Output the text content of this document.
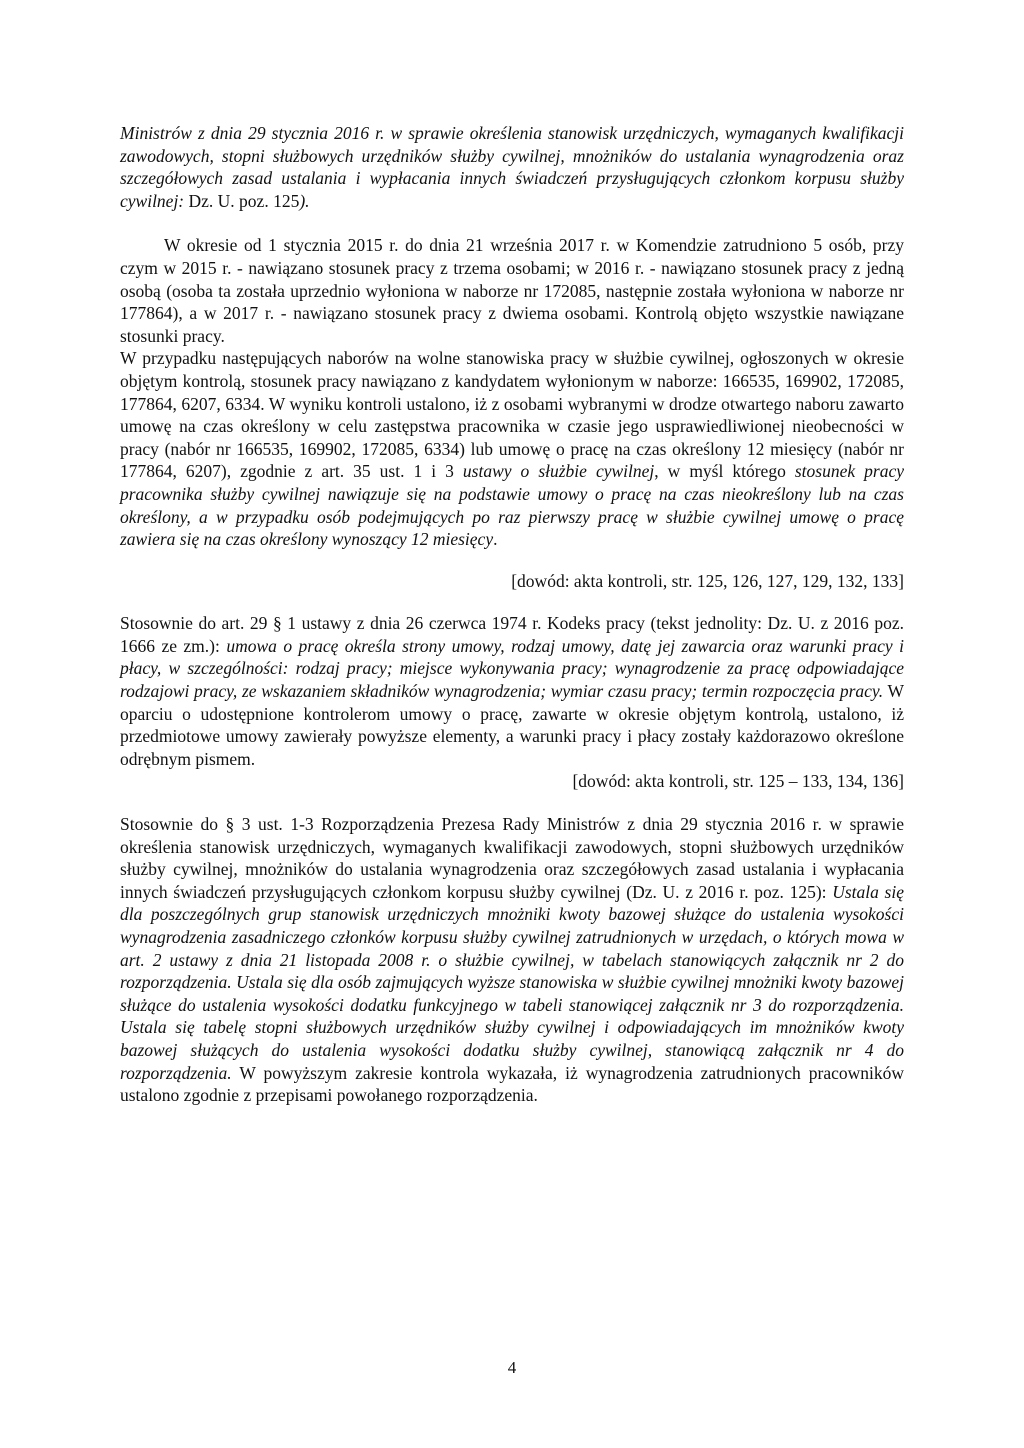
Ministrów z dnia 29 stycznia 2016 r. w sprawie określenia stanowisk urzędniczych, wymaganych kwalifikacji zawodowych, stopni służbowych urzędników służby cywilnej, mnożników do ustalania wynagrodzenia oraz szczegółowych zasad ustalania i wypłacania innych świadczeń przysługujących członkom korpusu służby cywilnej: Dz. U. poz. 125).

W okresie od 1 stycznia 2015 r. do dnia 21 września 2017 r. w Komendzie zatrudniono 5 osób, przy czym w 2015 r. - nawiązano stosunek pracy z trzema osobami; w 2016 r. - nawiązano stosunek pracy z jedną osobą (osoba ta została uprzednio wyłoniona w naborze nr 172085, następnie została wyłoniona w naborze nr 177864), a w 2017 r. - nawiązano stosunek pracy z dwiema osobami. Kontrolą objęto wszystkie nawiązane stosunki pracy.

W przypadku następujących naborów na wolne stanowiska pracy w służbie cywilnej, ogłoszonych w okresie objętym kontrolą, stosunek pracy nawiązano z kandydatem wyłonionym w naborze: 166535, 169902, 172085, 177864, 6207, 6334. W wyniku kontroli ustalono, iż z osobami wybranymi w drodze otwartego naboru zawarto umowę na czas określony w celu zastępstwa pracownika w czasie jego usprawiedliwionej nieobecności w pracy (nabór nr 166535, 169902, 172085, 6334) lub umowę o pracę na czas określony 12 miesięcy (nabór nr 177864, 6207), zgodnie z art. 35 ust. 1 i 3 ustawy o służbie cywilnej, w myśl którego stosunek pracy pracownika służby cywilnej nawiązuje się na podstawie umowy o pracę na czas nieokreślony lub na czas określony, a w przypadku osób podejmujących po raz pierwszy pracę w służbie cywilnej umowę o pracę zawiera się na czas określony wynoszący 12 miesięcy.

[dowód: akta kontroli, str. 125, 126, 127, 129, 132, 133]

Stosownie do art. 29 § 1 ustawy z dnia 26 czerwca 1974 r. Kodeks pracy (tekst jednolity: Dz. U. z 2016 poz. 1666 ze zm.): umowa o pracę określa strony umowy, rodzaj umowy, datę jej zawarcia oraz warunki pracy i płacy, w szczególności: rodzaj pracy; miejsce wykonywania pracy; wynagrodzenie za pracę odpowiadające rodzajowi pracy, ze wskazaniem składników wynagrodzenia; wymiar czasu pracy; termin rozpoczęcia pracy. W oparciu o udostępnione kontrolerom umowy o pracę, zawarte w okresie objętym kontrolą, ustalono, iż przedmiotowe umowy zawierały powyższe elementy, a warunki pracy i płacy zostały każdorazowo określone odrębnym pismem.

[dowód: akta kontroli, str. 125 – 133, 134, 136]

Stosownie do § 3 ust. 1-3 Rozporządzenia Prezesa Rady Ministrów z dnia 29 stycznia 2016 r. w sprawie określenia stanowisk urzędniczych, wymaganych kwalifikacji zawodowych, stopni służbowych urzędników służby cywilnej, mnożników do ustalania wynagrodzenia oraz szczegółowych zasad ustalania i wypłacania innych świadczeń przysługujących członkom korpusu służby cywilnej (Dz. U. z 2016 r. poz. 125): Ustala się dla poszczególnych grup stanowisk urzędniczych mnożniki kwoty bazowej służące do ustalenia wysokości wynagrodzenia zasadniczego członków korpusu służby cywilnej zatrudnionych w urzędach, o których mowa w art. 2 ustawy z dnia 21 listopada 2008 r. o służbie cywilnej, w tabelach stanowiących załącznik nr 2 do rozporządzenia. Ustala się dla osób zajmujących wyższe stanowiska w służbie cywilnej mnożniki kwoty bazowej służące do ustalenia wysokości dodatku funkcyjnego w tabeli stanowiącej załącznik nr 3 do rozporządzenia. Ustala się tabelę stopni służbowych urzędników służby cywilnej i odpowiadających im mnożników kwoty bazowej służących do ustalenia wysokości dodatku służby cywilnej, stanowiącą załącznik nr 4 do rozporządzenia. W powyższym zakresie kontrola wykazała, iż wynagrodzenia zatrudnionych pracowników ustalono zgodnie z przepisami powołanego rozporządzenia.

4
